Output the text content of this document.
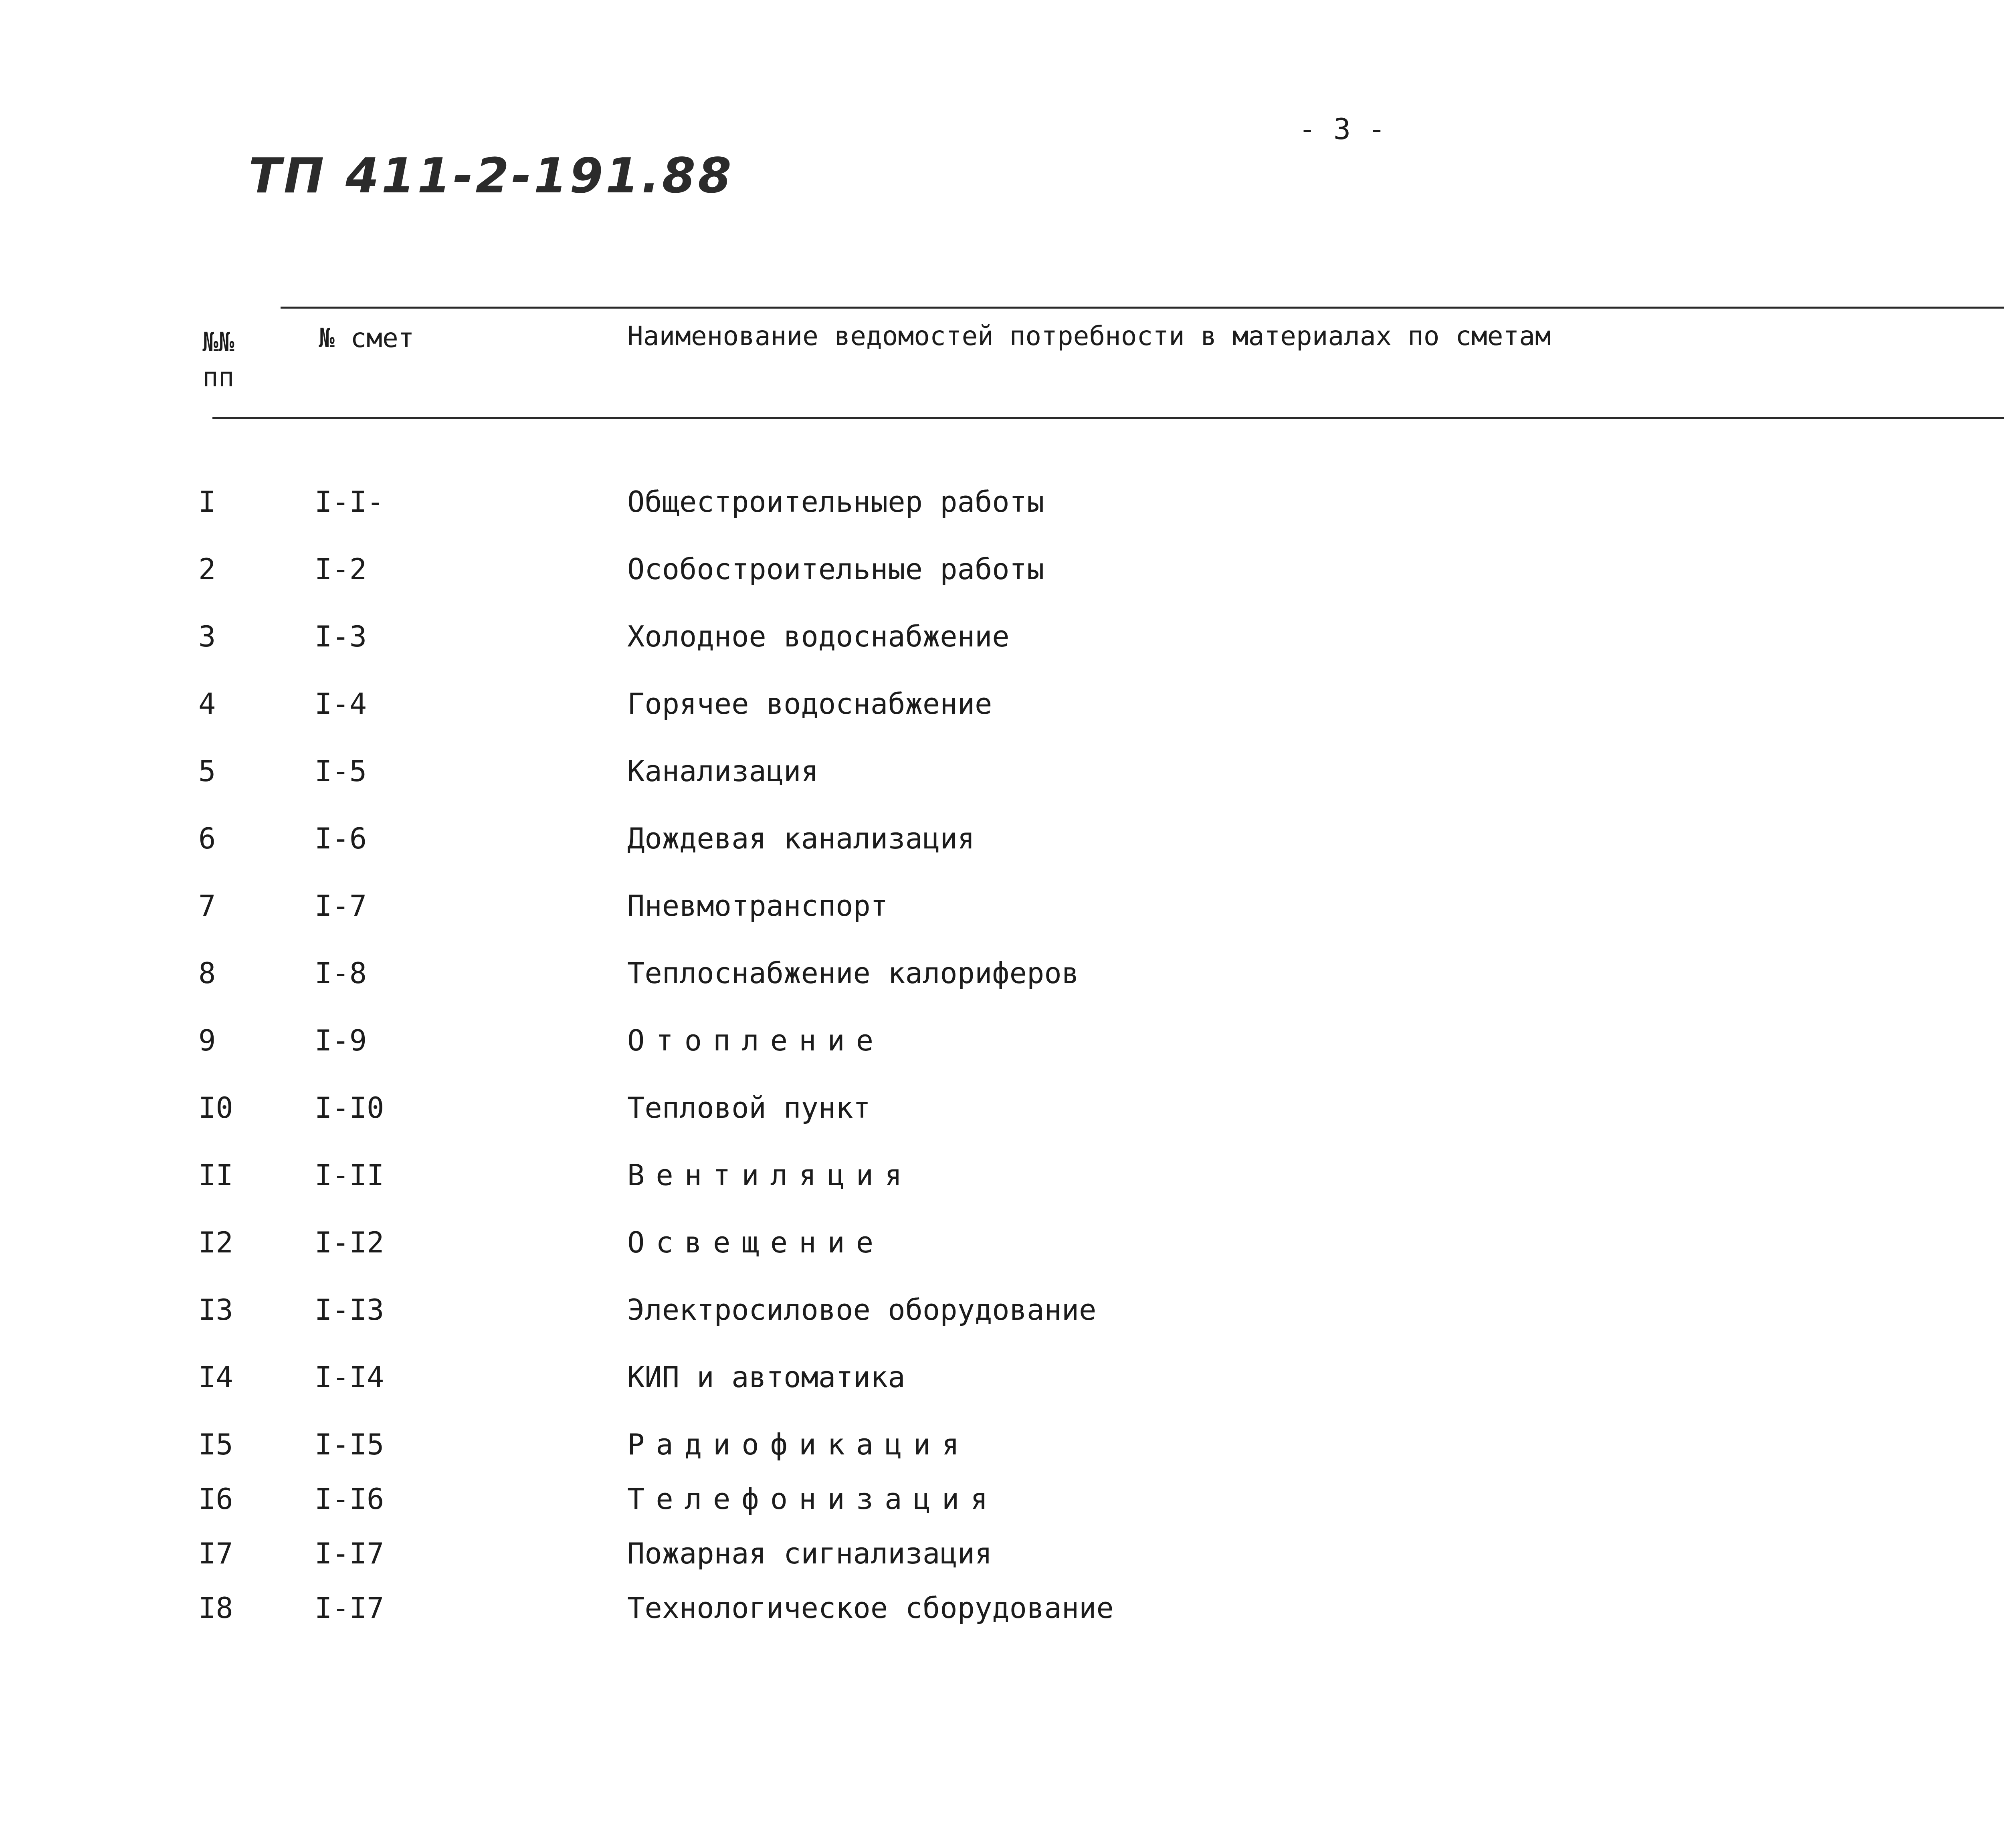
ТП 411-2-191.88
- 3 -
№№
пп
№ смет	Наименование ведомостей потребности в материалах по сметам
I	I-I-	Общестроительныер работы
2	I-2	Особостроительные работы
3	I-3	Холодное водоснабжение
4	I-4	Горячее водоснабжение
5	I-5	Канализация
6	I-6	Дождевая канализация
7	I-7	Пневмотранспорт
8	I-8	Теплоснабжение калориферов
9	I-9	Отопление
I0	I-I0	Тепловой пункт
II	I-II	Вентиляция
I2	I-I2	Освещение
I3	I-I3	Электросиловое оборудование
I4	I-I4	КИП и автоматика
I5	I-I5	Радиофикация
I6	I-I6	Телефонизация
I7	I-I7	Пожарная сигнализация
I8	I-I7	Технологическое сборудование
